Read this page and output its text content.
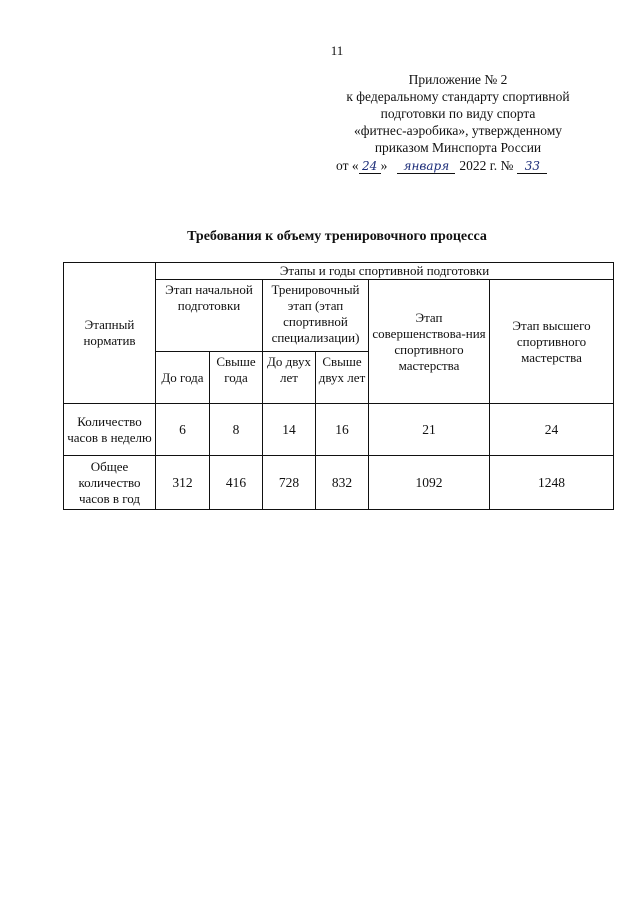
11
Приложение № 2
к федеральному стандарту спортивной
подготовки по виду спорта
«фитнес-аэробика», утвержденному
приказом Минспорта России
от « 24 » января 2022 г. № 33
Требования к объему тренировочного процесса
Этапный норматив	Этапы и годы спортивной подготовки					
	Этап начальной подготовки		Тренировочный этап (этап спортивной специализации)		Этап совершенствова-ния спортивного мастерства	Этап высшего спортивного мастерства
	До года	Свыше года	До двух лет	Свыше двух лет		
Количество часов в неделю	6	8	14	16	21	24
Общее количество часов в год	312	416	728	832	1092	1248
